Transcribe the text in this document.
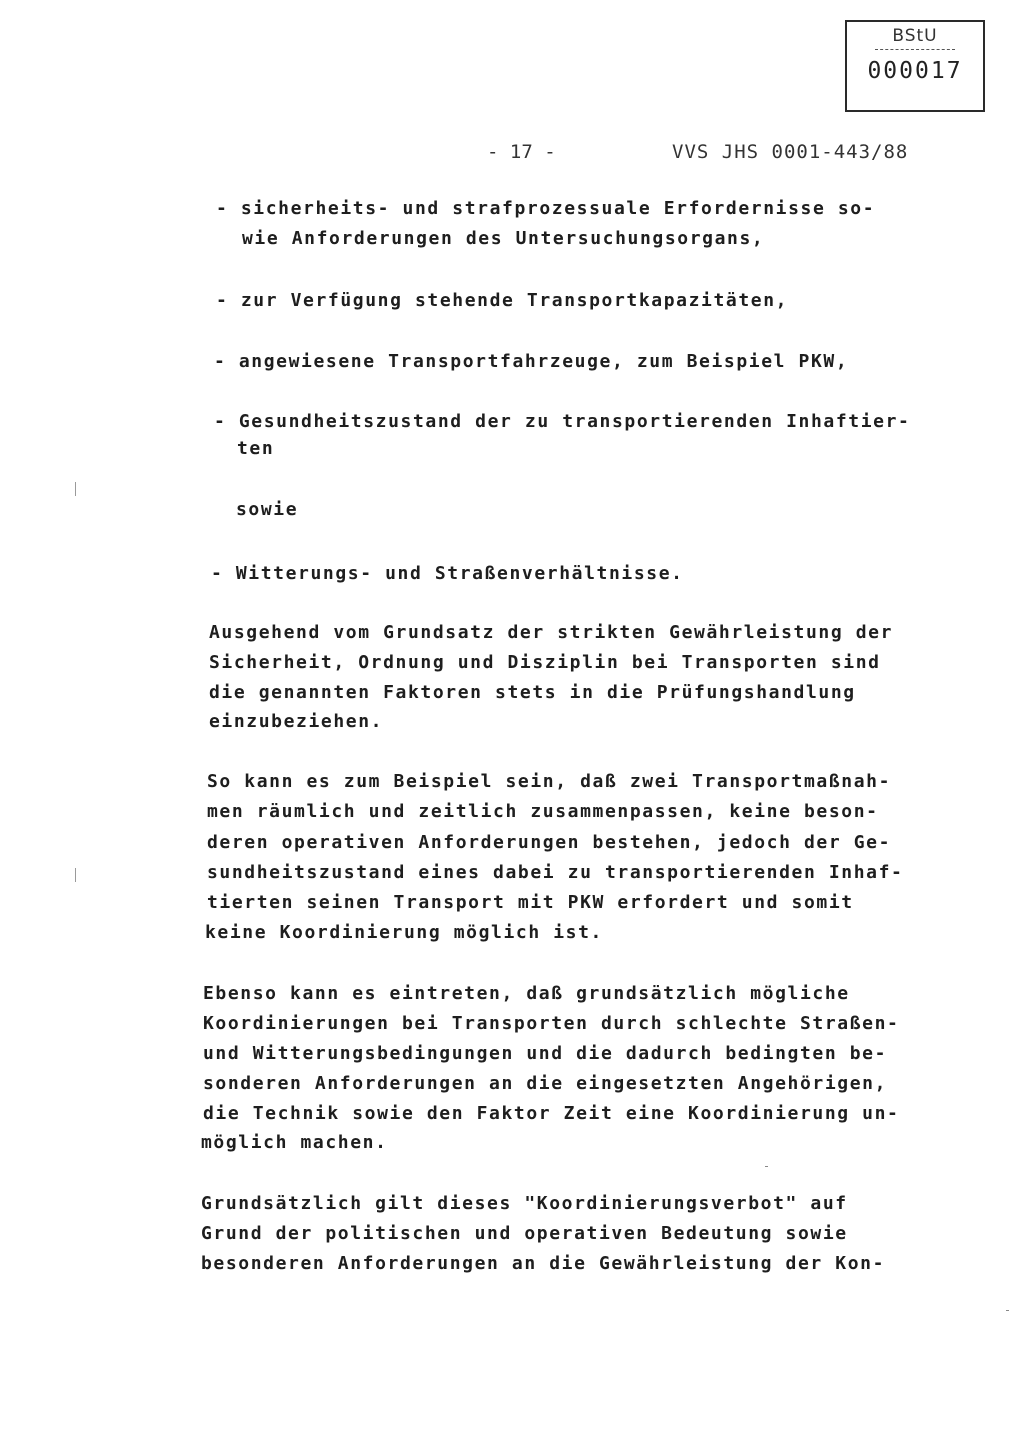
BStU
000017
- 17 -	VVS JHS 0001-443/88
- sicherheits- und strafprozessuale Erfordernisse so-
wie Anforderungen des Untersuchungsorgans,
- zur Verfügung stehende Transportkapazitäten,
- angewiesene Transportfahrzeuge, zum Beispiel PKW,
- Gesundheitszustand der zu transportierenden Inhaftier-
ten
sowie
- Witterungs- und Straßenverhältnisse.
Ausgehend vom Grundsatz der strikten Gewährleistung der
Sicherheit, Ordnung und Disziplin bei Transporten sind
die genannten Faktoren stets in die Prüfungshandlung
einzubeziehen.
So kann es zum Beispiel sein, daß zwei Transportmaßnah-
men räumlich und zeitlich zusammenpassen, keine beson-
deren operativen Anforderungen bestehen, jedoch der Ge-
sundheitszustand eines dabei zu transportierenden Inhaf-
tierten seinen Transport mit PKW erfordert und somit
keine Koordinierung möglich ist.
Ebenso kann es eintreten, daß grundsätzlich mögliche
Koordinierungen bei Transporten durch schlechte Straßen-
und Witterungsbedingungen und die dadurch bedingten be-
sonderen Anforderungen an die eingesetzten Angehörigen,
die Technik sowie den Faktor Zeit eine Koordinierung un-
möglich machen.
Grundsätzlich gilt dieses "Koordinierungsverbot" auf
Grund der politischen und operativen Bedeutung sowie
besonderen Anforderungen an die Gewährleistung der Kon-
